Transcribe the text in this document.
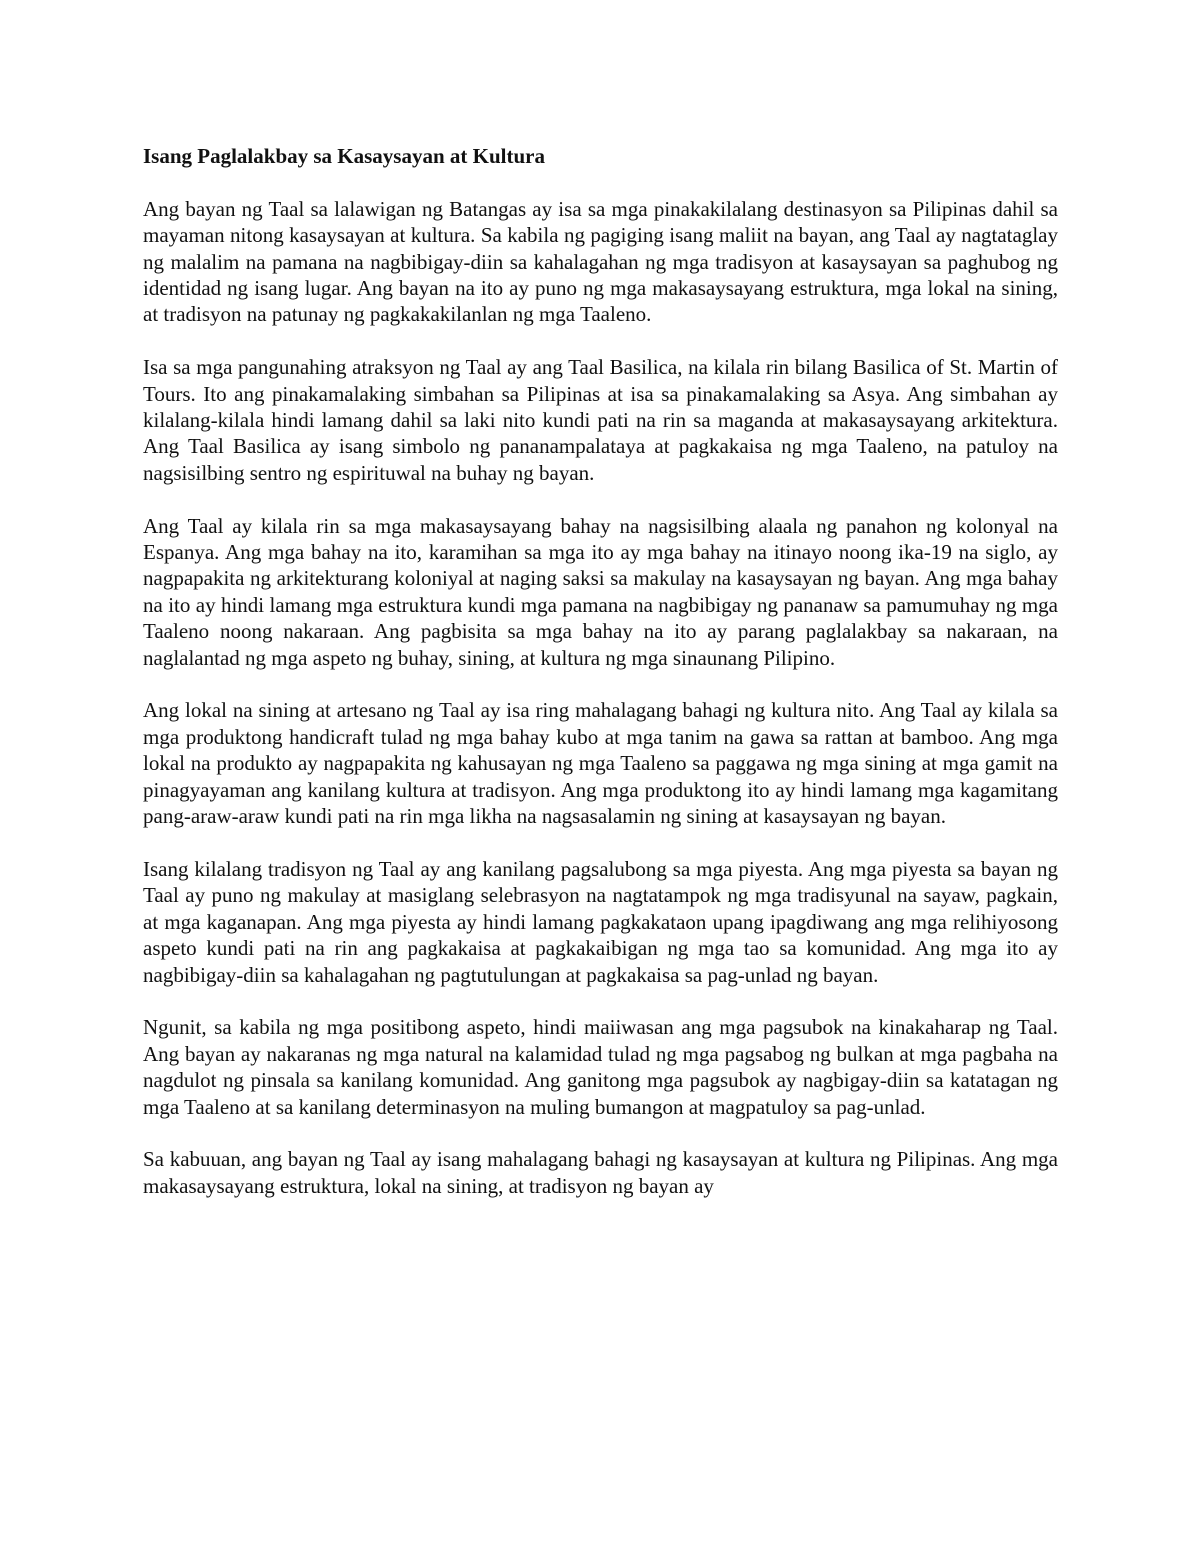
Isang Paglalakbay sa Kasaysayan at Kultura

Ang bayan ng Taal sa lalawigan ng Batangas ay isa sa mga pinakakilalang destinasyon sa Pilipinas dahil sa mayaman nitong kasaysayan at kultura. Sa kabila ng pagiging isang maliit na bayan, ang Taal ay nagtataglay ng malalim na pamana na nagbibigay-diin sa kahalagahan ng mga tradisyon at kasaysayan sa paghubog ng identidad ng isang lugar. Ang bayan na ito ay puno ng mga makasaysayang estruktura, mga lokal na sining, at tradisyon na patunay ng pagkakakilanlan ng mga Taaleno.

Isa sa mga pangunahing atraksyon ng Taal ay ang Taal Basilica, na kilala rin bilang Basilica of St. Martin of Tours. Ito ang pinakamalaking simbahan sa Pilipinas at isa sa pinakamalaking sa Asya. Ang simbahan ay kilalang-kilala hindi lamang dahil sa laki nito kundi pati na rin sa maganda at makasaysayang arkitektura. Ang Taal Basilica ay isang simbolo ng pananampalataya at pagkakaisa ng mga Taaleno, na patuloy na nagsisilbing sentro ng espirituwal na buhay ng bayan.

Ang Taal ay kilala rin sa mga makasaysayang bahay na nagsisilbing alaala ng panahon ng kolonyal na Espanya. Ang mga bahay na ito, karamihan sa mga ito ay mga bahay na itinayo noong ika-19 na siglo, ay nagpapakita ng arkitekturang koloniyal at naging saksi sa makulay na kasaysayan ng bayan. Ang mga bahay na ito ay hindi lamang mga estruktura kundi mga pamana na nagbibigay ng pananaw sa pamumuhay ng mga Taaleno noong nakaraan. Ang pagbisita sa mga bahay na ito ay parang paglalakbay sa nakaraan, na naglalantad ng mga aspeto ng buhay, sining, at kultura ng mga sinaunang Pilipino.

Ang lokal na sining at artesano ng Taal ay isa ring mahalagang bahagi ng kultura nito. Ang Taal ay kilala sa mga produktong handicraft tulad ng mga bahay kubo at mga tanim na gawa sa rattan at bamboo. Ang mga lokal na produkto ay nagpapakita ng kahusayan ng mga Taaleno sa paggawa ng mga sining at mga gamit na pinagyayaman ang kanilang kultura at tradisyon. Ang mga produktong ito ay hindi lamang mga kagamitang pang-araw-araw kundi pati na rin mga likha na nagsasalamin ng sining at kasaysayan ng bayan.

Isang kilalang tradisyon ng Taal ay ang kanilang pagsalubong sa mga piyesta. Ang mga piyesta sa bayan ng Taal ay puno ng makulay at masiglang selebrasyon na nagtatampok ng mga tradisyunal na sayaw, pagkain, at mga kaganapan. Ang mga piyesta ay hindi lamang pagkakataon upang ipagdiwang ang mga relihiyosong aspeto kundi pati na rin ang pagkakaisa at pagkakaibigan ng mga tao sa komunidad. Ang mga ito ay nagbibigay-diin sa kahalagahan ng pagtutulungan at pagkakaisa sa pag-unlad ng bayan.

Ngunit, sa kabila ng mga positibong aspeto, hindi maiiwasan ang mga pagsubok na kinakaharap ng Taal. Ang bayan ay nakaranas ng mga natural na kalamidad tulad ng mga pagsabog ng bulkan at mga pagbaha na nagdulot ng pinsala sa kanilang komunidad. Ang ganitong mga pagsubok ay nagbigay-diin sa katatagan ng mga Taaleno at sa kanilang determinasyon na muling bumangon at magpatuloy sa pag-unlad.

Sa kabuuan, ang bayan ng Taal ay isang mahalagang bahagi ng kasaysayan at kultura ng Pilipinas. Ang mga makasaysayang estruktura, lokal na sining, at tradisyon ng bayan ay
